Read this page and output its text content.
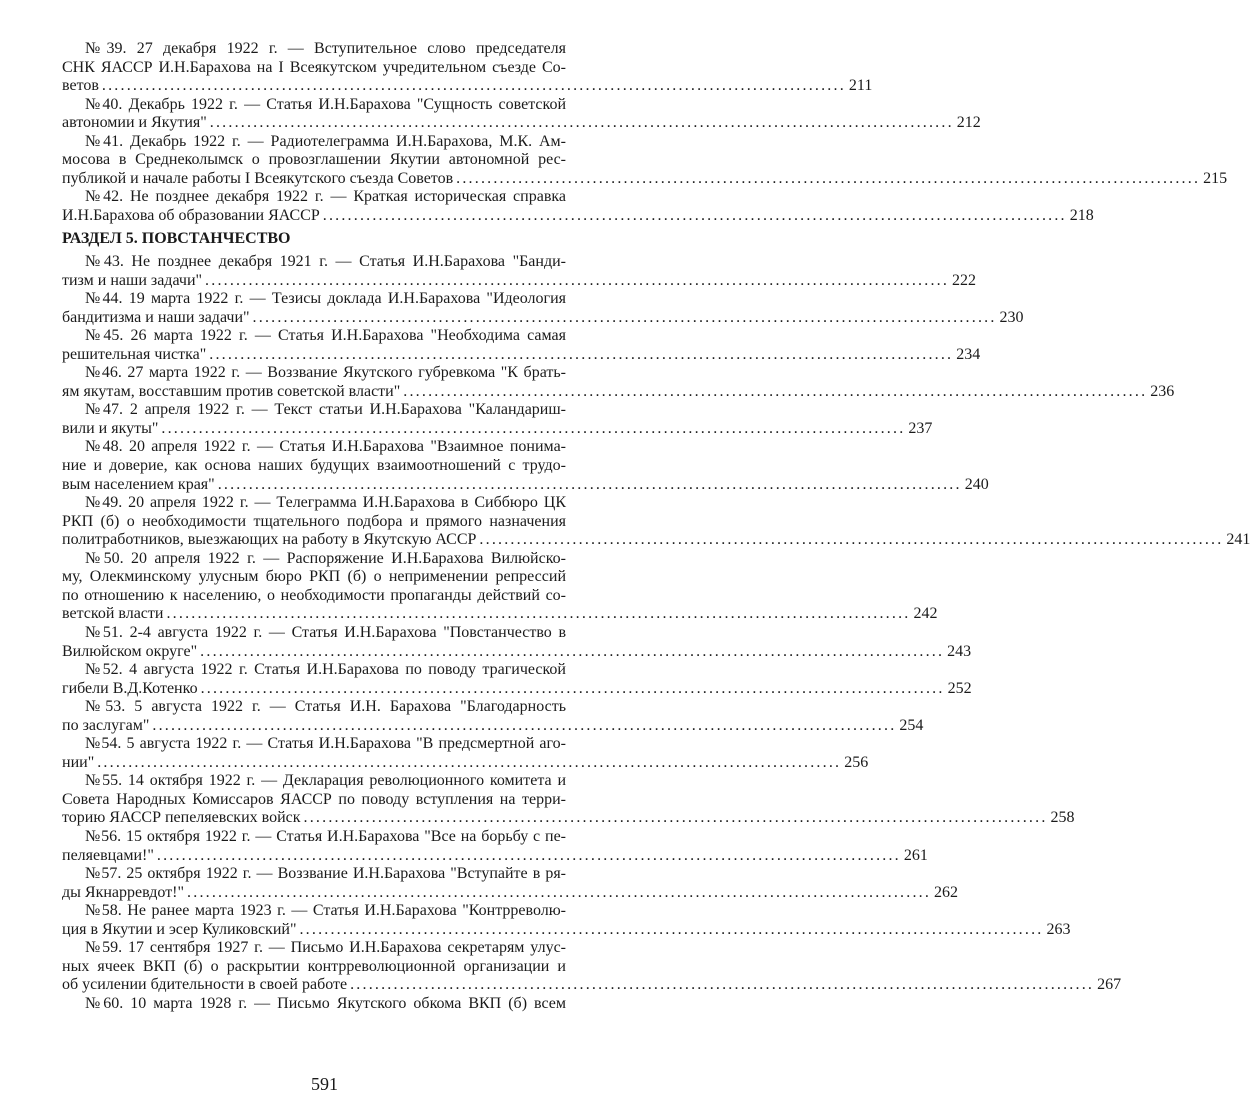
№39. 27 декабря 1922 г. — Вступительное слово председателя
СНК ЯАССР И.Н.Барахова на I Всеякутском учредительном съезде Со-
ветов ........................................................................................................................ 211
№40. Декабрь 1922 г. — Статья И.Н.Барахова "Сущность советской
автономии и Якутия" ........................................................................................................................ 212
№41. Декабрь 1922 г. — Радиотелеграмма И.Н.Барахова, М.К. Ам-
мосова в Среднеколымск о провозглашении Якутии автономной рес-
публикой и начале работы I Всеякутского съезда Советов ........................................................................................................................ 215
№42. Не позднее декабря 1922 г. — Краткая историческая справка
И.Н.Барахова об образовании ЯАССР ........................................................................................................................ 218
РАЗДЕЛ 5. ПОВСТАНЧЕСТВО
№43. Не позднее декабря 1921 г. — Статья И.Н.Барахова "Банди-
тизм и наши задачи" ........................................................................................................................ 222
№44. 19 марта 1922 г. — Тезисы доклада И.Н.Барахова "Идеология
бандитизма и наши задачи" ........................................................................................................................ 230
№45. 26 марта 1922 г. — Статья И.Н.Барахова "Необходима самая
решительная чистка" ........................................................................................................................ 234
№46. 27 марта 1922 г. — Воззвание Якутского губревкома "К брать-
ям якутам, восставшим против советской власти" ........................................................................................................................ 236
№47. 2 апреля 1922 г. — Текст статьи И.Н.Барахова "Каландариш-
вили и якуты" ........................................................................................................................ 237
№48. 20 апреля 1922 г. — Статья И.Н.Барахова "Взаимное понима-
ние и доверие, как основа наших будущих взаимоотношений с трудо-
вым населением края" ........................................................................................................................ 240
№49. 20 апреля 1922 г. — Телеграмма И.Н.Барахова в Сиббюро ЦК
РКП (б) о необходимости тщательного подбора и прямого назначения
политработников, выезжающих на работу в Якутскую АССР ........................................................................................................................ 241
№50. 20 апреля 1922 г. — Распоряжение И.Н.Барахова Вилюйско-
му, Олекминскому улусным бюро РКП (б) о неприменении репрессий
по отношению к населению, о необходимости пропаганды действий со-
ветской власти ........................................................................................................................ 242
№51. 2-4 августа 1922 г. — Статья И.Н.Барахова "Повстанчество в
Вилюйском округе" ........................................................................................................................ 243
№52. 4 августа 1922 г. Статья И.Н.Барахова по поводу трагической
гибели В.Д.Котенко ........................................................................................................................ 252
№53. 5 августа 1922 г. — Статья И.Н. Барахова "Благодарность
по заслугам" ........................................................................................................................ 254
№54. 5 августа 1922 г. — Статья И.Н.Барахова "В предсмертной аго-
нии" ........................................................................................................................ 256
№55. 14 октября 1922 г. — Декларация революционного комитета и
Совета Народных Комиссаров ЯАССР по поводу вступления на терри-
торию ЯАССР пепеляевских войск ........................................................................................................................ 258
№56. 15 октября 1922 г. — Статья И.Н.Барахова "Все на борьбу с пе-
пеляевцами!" ........................................................................................................................ 261
№57. 25 октября 1922 г. — Воззвание И.Н.Барахова "Вступайте в ря-
ды Якнарревдот!" ........................................................................................................................ 262
№58. Не ранее марта 1923 г. — Статья И.Н.Барахова "Контрреволю-
ция в Якутии и эсер Куликовский" ........................................................................................................................ 263
№59. 17 сентября 1927 г. — Письмо И.Н.Барахова секретарям улус-
ных ячеек ВКП (б) о раскрытии контрреволюционной организации и
об усилении бдительности в своей работе ........................................................................................................................ 267
№60. 10 марта 1928 г. — Письмо Якутского обкома ВКП (б) всем
591
